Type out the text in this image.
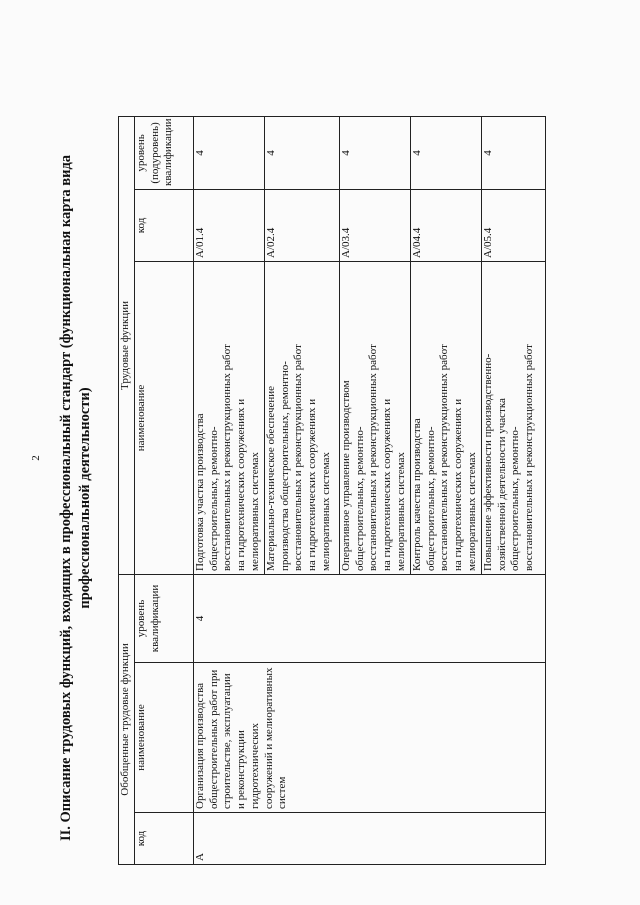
2 II. Описание трудовых функций, входящих в профессиональный стандарт (функциональная карта вида профессиональной деятельности)
Обобщенные трудовые функции			Трудовые функции		
код	наименование	уровень квалификации	наименование	код	уровень (подуровень) квалификации
А	Организация производства общестроительных работ при строительстве, эксплуатации и реконструкции гидротехнических сооружений и мелиоративных систем	4	Подготовка участка производства
общестроительных, ремонтно-
восстановительных и реконструкционных работ
на гидротехнических сооружениях и
мелиоративных системах	A/01.4	4
			Материально-техническое обеспечение
производства общестроительных, ремонтно-
восстановительных и реконструкционных работ
на гидротехнических сооружениях и
мелиоративных системах	A/02.4	4
			Оперативное управление производством
общестроительных, ремонтно-
восстановительных и реконструкционных работ
на гидротехнических сооружениях и
мелиоративных системах	A/03.4	4
			Контроль качества производства
общестроительных, ремонтно-
восстановительных и реконструкционных работ
на гидротехнических сооружениях и
мелиоративных системах	A/04.4	4
			Повышение эффективности производственно-
хозяйственной деятельности участка
общестроительных, ремонтно-
восстановительных и реконструкционных работ	A/05.4	4
